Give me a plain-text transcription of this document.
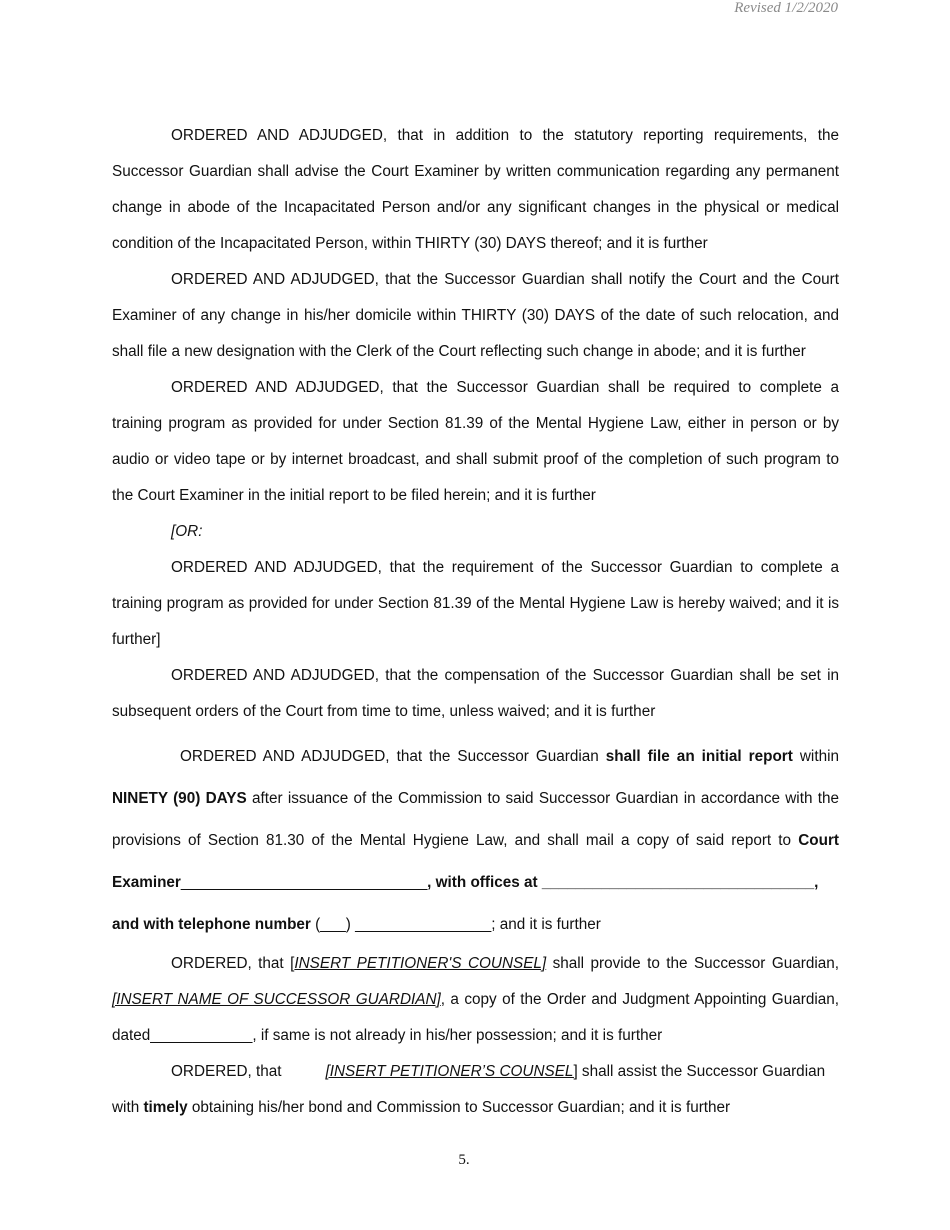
Revised 1/2/2020
ORDERED AND ADJUDGED, that in addition to the statutory reporting requirements, the Successor Guardian shall advise the Court Examiner by written communication regarding any permanent change in abode of the Incapacitated Person and/or any significant changes in the physical or medical condition of the Incapacitated Person, within THIRTY (30) DAYS thereof; and it is further
ORDERED AND ADJUDGED, that the Successor Guardian shall notify the Court and the Court Examiner of any change in his/her domicile within THIRTY (30) DAYS of the date of such relocation, and shall file a new designation with the Clerk of the Court reflecting such change in abode; and it is further
ORDERED AND ADJUDGED, that the Successor Guardian shall be required to complete a training program as provided for under Section 81.39 of the Mental Hygiene Law, either in person or by audio or video tape or by internet broadcast, and shall submit proof of the completion of such program to the Court Examiner in the initial report to be filed herein; and it is further
[OR:
ORDERED AND ADJUDGED, that the requirement of the Successor Guardian to complete a training program as provided for under Section 81.39 of the Mental Hygiene Law is hereby waived; and it is further]
ORDERED AND ADJUDGED, that the compensation of the Successor Guardian shall be set in subsequent orders of the Court from time to time, unless waived; and it is further
ORDERED AND ADJUDGED, that the Successor Guardian shall file an initial report within NINETY (90) DAYS after issuance of the Commission to said Successor Guardian in accordance with the provisions of Section 81.30 of the Mental Hygiene Law, and shall mail a copy of said report to Court Examiner______________________________, with offices at ________________________________,
and with telephone number (___) ________________; and it is further
ORDERED, that [INSERT PETITIONER'S COUNSEL] shall provide to the Successor Guardian, [INSERT NAME OF SUCCESSOR GUARDIAN], a copy of the Order and Judgment Appointing Guardian, dated____________, if same is not already in his/her possession; and it is further
ORDERED, that	[INSERT PETITIONER’S COUNSEL] shall assist the Successor Guardian with timely obtaining his/her bond and Commission to Successor Guardian; and it is further
5.
